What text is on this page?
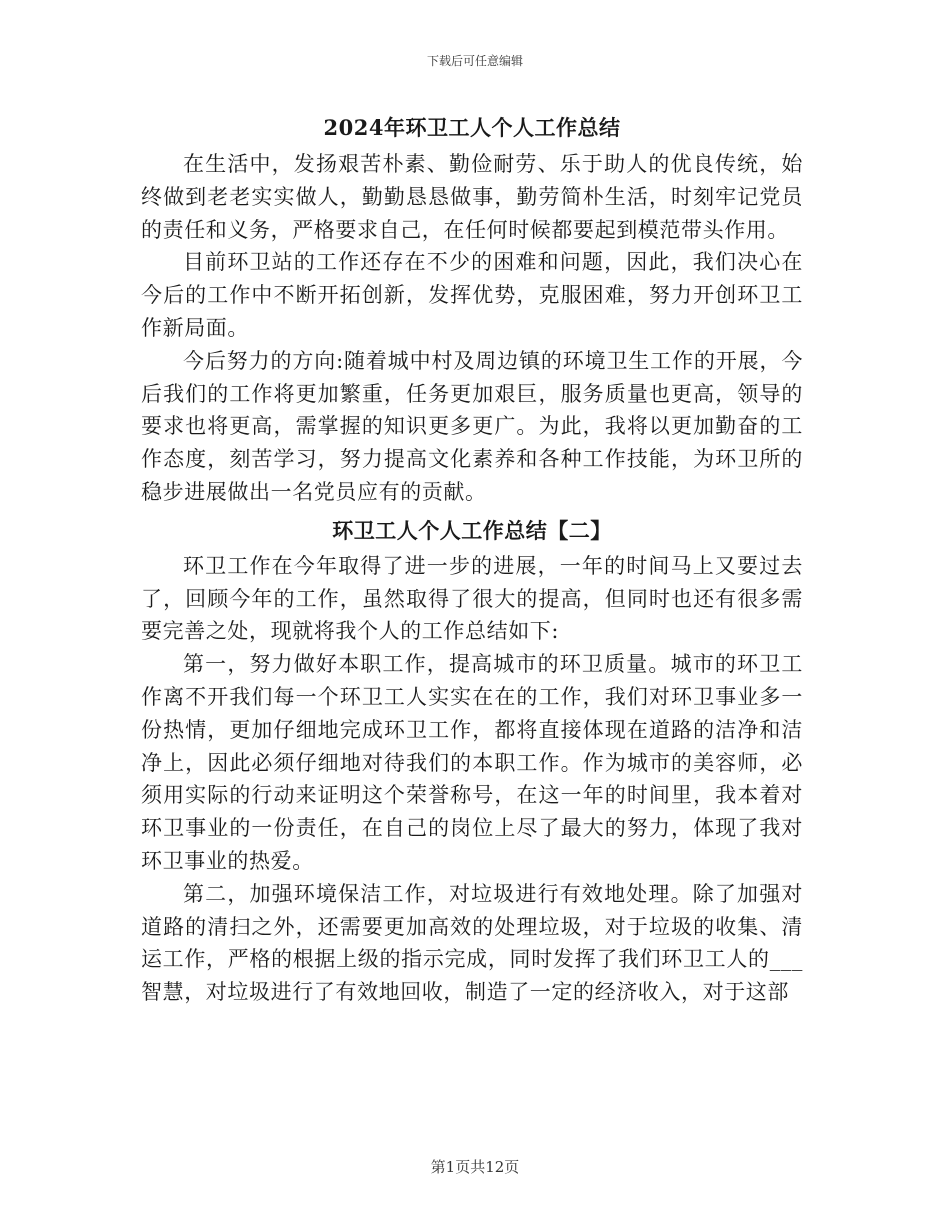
下载后可任意编辑
2024年环卫工人个人工作总结

在生活中，发扬艰苦朴素、勤俭耐劳、乐于助人的优良传统，始终做到老老实实做人，勤勤恳恳做事，勤劳简朴生活，时刻牢记党员的责任和义务，严格要求自己，在任何时候都要起到模范带头作用。

目前环卫站的工作还存在不少的困难和问题，因此，我们决心在今后的工作中不断开拓创新，发挥优势，克服困难，努力开创环卫工作新局面。

今后努力的方向:随着城中村及周边镇的环境卫生工作的开展，今后我们的工作将更加繁重，任务更加艰巨，服务质量也更高，领导的要求也将更高，需掌握的知识更多更广。为此，我将以更加勤奋的工作态度，刻苦学习，努力提高文化素养和各种工作技能，为环卫所的稳步进展做出一名党员应有的贡献。

环卫工人个人工作总结【二】

环卫工作在今年取得了进一步的进展，一年的时间马上又要过去了，回顾今年的工作，虽然取得了很大的提高，但同时也还有很多需要完善之处，现就将我个人的工作总结如下:

第一，努力做好本职工作，提高城市的环卫质量。城市的环卫工作离不开我们每一个环卫工人实实在在的工作，我们对环卫事业多一份热情，更加仔细地完成环卫工作，都将直接体现在道路的洁净和洁净上，因此必须仔细地对待我们的本职工作。作为城市的美容师，必须用实际的行动来证明这个荣誉称号，在这一年的时间里，我本着对环卫事业的一份责任，在自己的岗位上尽了最大的努力，体现了我对环卫事业的热爱。

第二，加强环境保洁工作，对垃圾进行有效地处理。除了加强对道路的清扫之外，还需要更加高效的处理垃圾，对于垃圾的收集、清运工作，严格的根据上级的指示完成，同时发挥了我们环卫工人的___智慧，对垃圾进行了有效地回收，制造了一定的经济收入，对于这部

第1页共12页
